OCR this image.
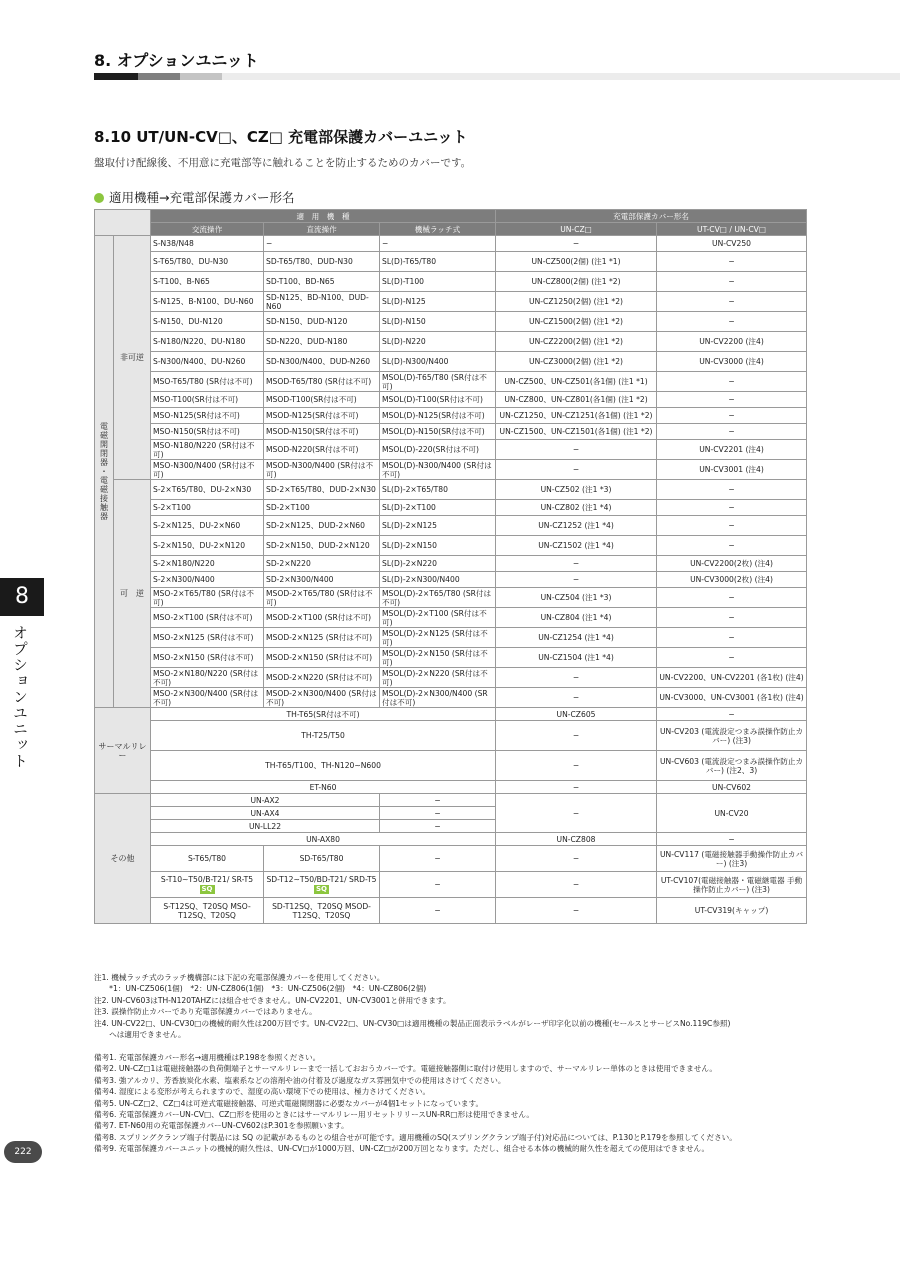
8. オプションユニット
8.10 UT/UN-CV□、CZ□ 充電部保護カバーユニット

盤取付け配線後、不用意に充電部等に触れることを防止するためのカバーです。

適用機種→充電部保護カバー形名

		適　用　機　種			充電部保護カバー形名	
		交流操作	直流操作	機械ラッチ式	UN-CZ□	UT-CV□ / UN-CV□
電磁開閉器・電磁接触器	非可逆	S-N38/N48	−	−	−	UN-CV250
		S-T65/T80、DU-N30	SD-T65/T80、DUD-N30	SL(D)-T65/T80	UN-CZ500(2個) (注1 *1)	−
		S-T100、B-N65	SD-T100、BD-N65	SL(D)-T100	UN-CZ800(2個) (注1 *2)	−
		S-N125、B-N100、DU-N60	SD-N125、BD-N100、DUD-N60	SL(D)-N125	UN-CZ1250(2個) (注1 *2)	−
		S-N150、DU-N120	SD-N150、DUD-N120	SL(D)-N150	UN-CZ1500(2個) (注1 *2)	−
		S-N180/N220、DU-N180	SD-N220、DUD-N180	SL(D)-N220	UN-CZ2200(2個) (注1 *2)	UN-CV2200 (注4)
		S-N300/N400、DU-N260	SD-N300/N400、DUD-N260	SL(D)-N300/N400	UN-CZ3000(2個) (注1 *2)	UN-CV3000 (注4)
		MSO-T65/T80 (SR付は不可)	MSOD-T65/T80 (SR付は不可)	MSOL(D)-T65/T80 (SR付は不可)	UN-CZ500、UN-CZ501(各1個) (注1 *1)	−
		MSO-T100(SR付は不可)	MSOD-T100(SR付は不可)	MSOL(D)-T100(SR付は不可)	UN-CZ800、UN-CZ801(各1個) (注1 *2)	−
		MSO-N125(SR付は不可)	MSOD-N125(SR付は不可)	MSOL(D)-N125(SR付は不可)	UN-CZ1250、UN-CZ1251(各1個) (注1 *2)	−
		MSO-N150(SR付は不可)	MSOD-N150(SR付は不可)	MSOL(D)-N150(SR付は不可)	UN-CZ1500、UN-CZ1501(各1個) (注1 *2)	−
		MSO-N180/N220 (SR付は不可)	MSOD-N220(SR付は不可)	MSOL(D)-220(SR付は不可)	−	UN-CV2201 (注4)
		MSO-N300/N400 (SR付は不可)	MSOD-N300/N400 (SR付は不可)	MSOL(D)-N300/N400 (SR付は不可)	−	UN-CV3001 (注4)
	可　逆	S-2×T65/T80、DU-2×N30	SD-2×T65/T80、DUD-2×N30	SL(D)-2×T65/T80	UN-CZ502 (注1 *3)	−
		S-2×T100	SD-2×T100	SL(D)-2×T100	UN-CZ802 (注1 *4)	−
		S-2×N125、DU-2×N60	SD-2×N125、DUD-2×N60	SL(D)-2×N125	UN-CZ1252 (注1 *4)	−
		S-2×N150、DU-2×N120	SD-2×N150、DUD-2×N120	SL(D)-2×N150	UN-CZ1502 (注1 *4)	−
		S-2×N180/N220	SD-2×N220	SL(D)-2×N220	−	UN-CV2200(2枚) (注4)
		S-2×N300/N400	SD-2×N300/N400	SL(D)-2×N300/N400	−	UN-CV3000(2枚) (注4)
		MSO-2×T65/T80 (SR付は不可)	MSOD-2×T65/T80 (SR付は不可)	MSOL(D)-2×T65/T80 (SR付は不可)	UN-CZ504 (注1 *3)	−
		MSO-2×T100 (SR付は不可)	MSOD-2×T100 (SR付は不可)	MSOL(D)-2×T100 (SR付は不可)	UN-CZ804 (注1 *4)	−
		MSO-2×N125 (SR付は不可)	MSOD-2×N125 (SR付は不可)	MSOL(D)-2×N125 (SR付は不可)	UN-CZ1254 (注1 *4)	−
		MSO-2×N150 (SR付は不可)	MSOD-2×N150 (SR付は不可)	MSOL(D)-2×N150 (SR付は不可)	UN-CZ1504 (注1 *4)	−
		MSO-2×N180/N220 (SR付は不可)	MSOD-2×N220 (SR付は不可)	MSOL(D)-2×N220 (SR付は不可)	−	UN-CV2200、UN-CV2201 (各1枚) (注4)
		MSO-2×N300/N400 (SR付は不可)	MSOD-2×N300/N400 (SR付は不可)	MSOL(D)-2×N300/N400 (SR付は不可)	−	UN-CV3000、UN-CV3001 (各1枚) (注4)
サーマルリレー		TH-T65(SR付は不可)			UN-CZ605	−
		TH-T25/T50			−	UN-CV203 (電流設定つまみ誤操作防止カバー) (注3)
		TH-T65/T100、TH-N120~N600			−	UN-CV603 (電流設定つまみ誤操作防止カバー) (注2、3)
		ET-N60			−	UN-CV602
その他		UN-AX2		−	−	UN-CV20
		UN-AX4		−		
		UN-LL22		−		
		UN-AX80			UN-CZ808	−
		S-T65/T80	SD-T65/T80	−	−	UN-CV117 (電磁接触器手動操作防止カバー) (注3)
		S-T10~T50/B-T21/ SR-T5 SQ	SD-T12~T50/BD-T21/ SRD-T5 SQ	−	−	UT-CV107(電磁接触器・電磁継電器 手動操作防止カバー) (注3)
		S-T12SQ、T20SQ MSO-T12SQ、T20SQ	SD-T12SQ、T20SQ MSOD-T12SQ、T20SQ	−	−	UT-CV319(キャップ)
注1. 機械ラッチ式のラッチ機構部には下記の充電部保護カバーを使用してください。
　　*1：UN-CZ506(1個)　*2：UN-CZ806(1個)　*3：UN-CZ506(2個)　*4：UN-CZ806(2個)
注2. UN-CV603はTH-N120TAHZには組合せできません。UN-CV2201、UN-CV3001と併用できます。
注3. 誤操作防止カバーであり充電部保護カバーではありません。
注4. UN-CV22□、UN-CV30□の機械的耐久性は200万回です。UN-CV22□、UN-CV30□は適用機種の製品正面表示ラベルがレーザ印字化以前の機種(セールスとサービスNo.119C参照)
　　へは適用できません。
備考1. 充電部保護カバー形名→適用機種はP.198を参照ください。
備考2. UN-CZ□1は電磁接触器の負荷側端子とサーマルリレーまで一括しておおうカバーです。電磁接触器側に取付け使用しますので、サーマルリレー単体のときは使用できません。
備考3. 強アルカリ、芳香族炭化水素、塩素系などの溶剤や油の付着及び過度なガス雰囲気中での使用はさけてください。
備考4. 湿度による変形が考えられますので、湿度の高い環境下での使用は、極力さけてください。
備考5. UN-CZ□2、CZ□4は可逆式電磁接触器、可逆式電磁開閉器に必要なカバーが4個1セットになっています。
備考6. 充電部保護カバーUN-CV□、CZ□形を使用のときにはサーマルリレー用リセットリリースUN-RR□形は使用できません。
備考7. ET-N60用の充電部保護カバーUN-CV602はP.301を参照願います。
備考8. スプリングクランプ端子付製品には SQ の記載があるものとの組合せが可能です。適用機種のSQ(スプリングクランプ端子付)対応品については、P.130とP.179を参照してください。
備考9. 充電部保護カバーユニットの機械的耐久性は、UN-CV□が1000万回、UN-CZ□が200万回となります。ただし、組合せる本体の機械的耐久性を超えての使用はできません。

8

オプションユニット

222
